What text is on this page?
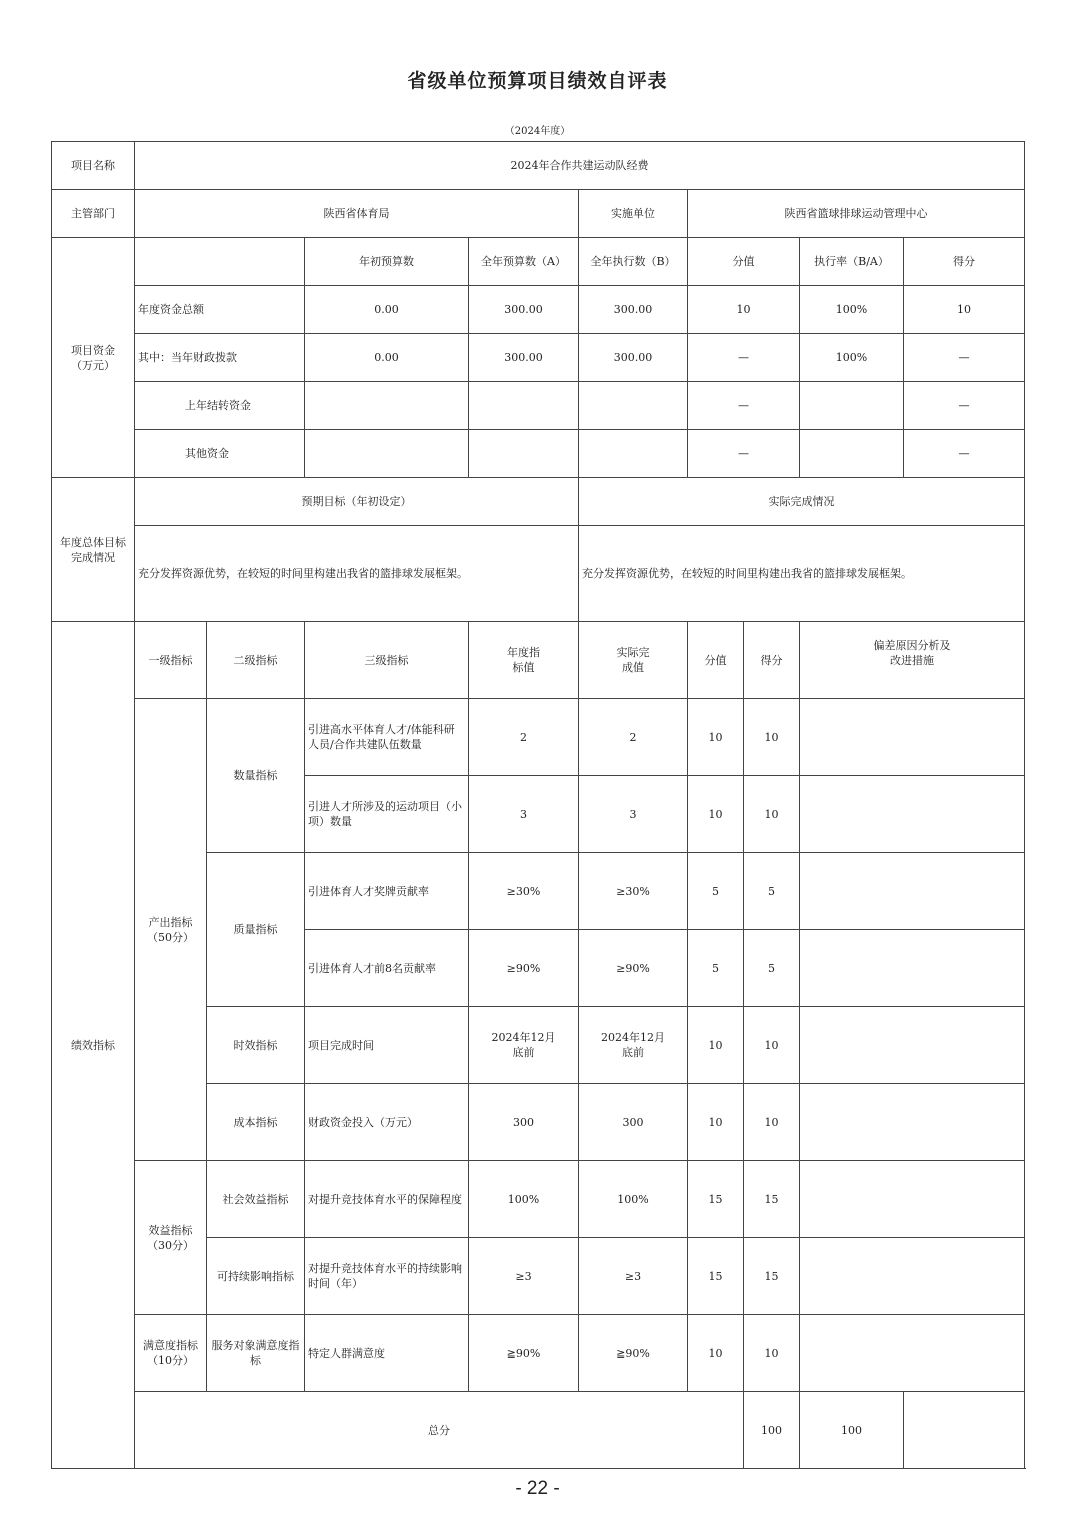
省级单位预算项目绩效自评表
（2024年度）
项目名称	2024年合作共建运动队经费								
主管部门	陕西省体育局				实施单位	陕西省篮球排球运动管理中心			

项目资金（万元）			年初预算数	全年预算数（A）	全年执行数（B）	分值		执行率（B/A）	得分
	年度资金总额		0.00	300.00	300.00	10		100%	10
	其中：当年财政拨款		0.00	300.00	300.00	—		100%	—
	上年结转资金					—			—
	其他资金					—			—

年度总体目标完成情况	预期目标（年初设定）				实际完成情况				
	充分发挥资源优势，在较短的时间里构建出我省的篮排球发展框架。				充分发挥资源优势，在较短的时间里构建出我省的篮排球发展框架。				
绩效指标	一级指标	二级指标	三级指标	年度指标值	实际完成值	分值	得分	偏差原因分析及改进措施	

	产出指标（50分）	数量指标	引进高水平体育人才/体能科研人员/合作共建队伍数量	2	2	10	10		
			引进人才所涉及的运动项目（小项）数量	3	3	10	10		
		质量指标	引进体育人才奖牌贡献率	≥30%	≥30%	5	5		
			引进体育人才前8名贡献率	≥90%	≥90%	5	5		
		时效指标	项目完成时间	2024年12月底前	2024年12月底前	10	10		
		成本指标	财政资金投入（万元）	300	300	10	10		

	效益指标（30分）	社会效益指标	对提升竞技体育水平的保障程度	100%	100%	15	15		
		可持续影响指标	对提升竞技体育水平的持续影响时间（年）	≥3	≥3	15	15		

	满意度指标（10分）	服务对象满意度指标	特定人群满意度	≧90%	≧90%	10	10		
	总分						100	100	
- 22 -
